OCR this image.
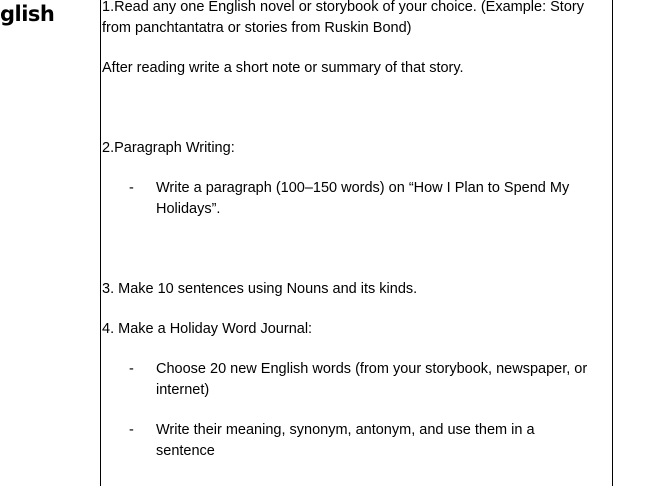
glish	1.Read any one English novel or storybook of your choice. (Example: Story
from panchtantatra or stories from Ruskin Bond)
After reading write a short note or summary of that story.
2.Paragraph Writing:
- Write a paragraph (100–150 words) on “How I Plan to Spend My
Holidays”.
3. Make 10 sentences using Nouns and its kinds.
4. Make a Holiday Word Journal:
- Choose 20 new English words (from your storybook, newspaper, or
internet)
- Write their meaning, synonym, antonym, and use them in a
sentence
